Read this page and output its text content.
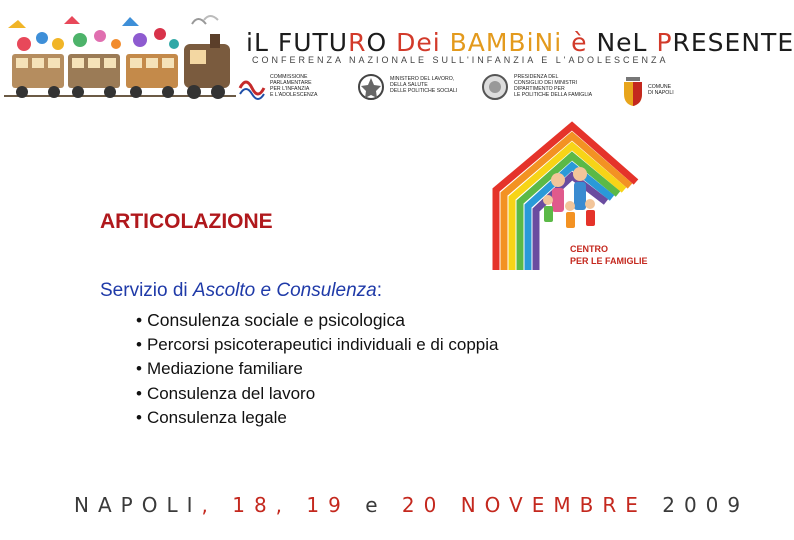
iL FUTURO Dei BAMBiNi è NeL PRESENTE
CONFERENZA NAZIONALE SULL'INFANZIA E L'ADOLESCENZA
COMMISSIONE
PARLAMENTARE
PER L'INFANZIA
E L'ADOLESCENZA
MINISTERO DEL LAVORO,
DELLA SALUTE
DELLE POLITICHE SOCIALI
PRESIDENZA DEL
CONSIGLIO DEI MINISTRI
DIPARTIMENTO PER
LE POLITICHE DELLA FAMIGLIA
COMUNE
DI NAPOLI
CENTRO
PER LE FAMIGLIE
ARTICOLAZIONE
Servizio di Ascolto e Consulenza:
• Consulenza sociale e psicologica
• Percorsi psicoterapeutici individuali e di coppia
• Mediazione familiare
• Consulenza del lavoro
• Consulenza legale
NAPOLI, 18, 19 e 20 NOVEMBRE 2009
